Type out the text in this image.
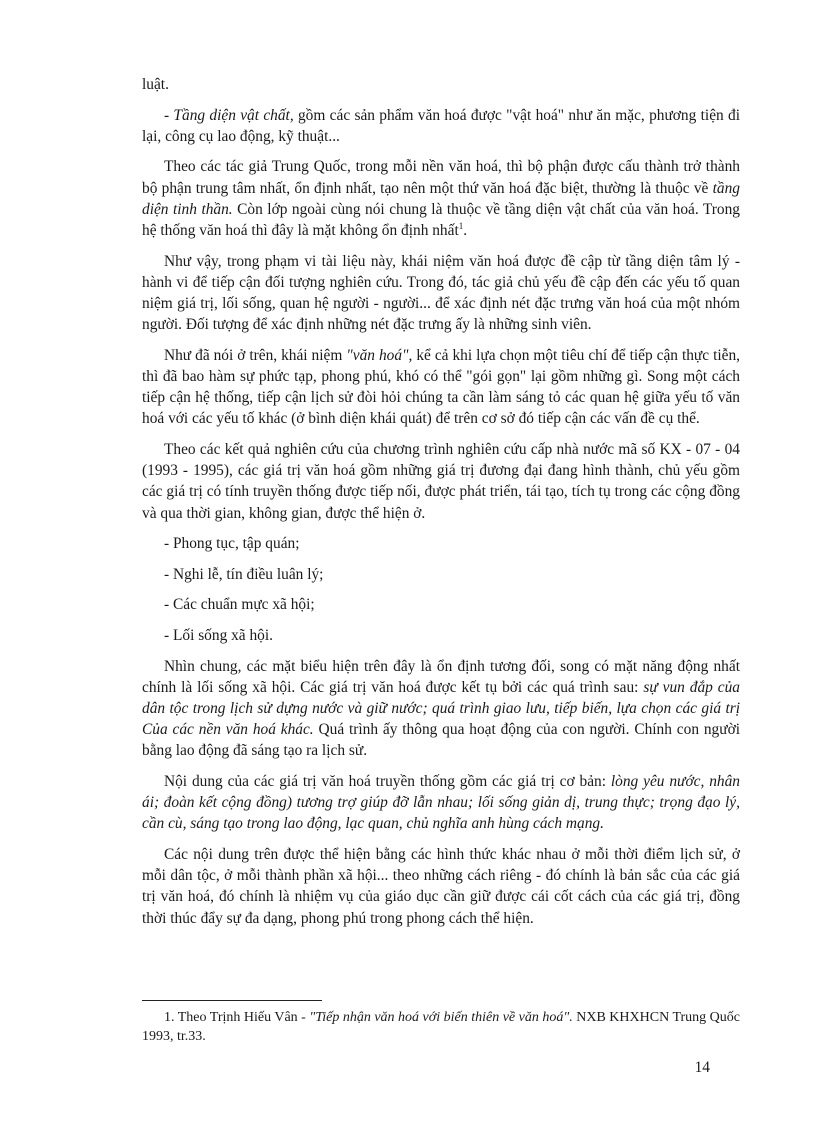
luật.

- Tầng diện vật chất, gồm các sản phẩm văn hoá được "vật hoá" như ăn mặc, phương tiện đi lại, công cụ lao động, kỹ thuật...

Theo các tác giả Trung Quốc, trong mỗi nền văn hoá, thì bộ phận được cấu thành trở thành bộ phận trung tâm nhất, ổn định nhất, tạo nên một thứ văn hoá đặc biệt, thường là thuộc về tầng diện tinh thần. Còn lớp ngoài cùng nói chung là thuộc về tầng diện vật chất của văn hoá. Trong hệ thống văn hoá thì đây là mặt không ổn định nhất$^1$.

Như vậy, trong phạm vi tài liệu này, khái niệm văn hoá được đề cập từ tầng diện tâm lý - hành vi để tiếp cận đối tượng nghiên cứu. Trong đó, tác giả chủ yếu đề cập đến các yếu tố quan niệm giá trị, lối sống, quan hệ người - người... để xác định nét đặc trưng văn hoá của một nhóm người. Đối tượng để xác định những nét đặc trưng ấy là những sinh viên.

Như đã nói ở trên, khái niệm "văn hoá", kể cả khi lựa chọn một tiêu chí để tiếp cận thực tiễn, thì đã bao hàm sự phức tạp, phong phú, khó có thể "gói gọn" lại gồm những gì. Song một cách tiếp cận hệ thống, tiếp cận lịch sử đòi hỏi chúng ta cần làm sáng tỏ các quan hệ giữa yếu tố văn hoá với các yếu tố khác (ở bình diện khái quát) để trên cơ sở đó tiếp cận các vấn đề cụ thể.

Theo các kết quả nghiên cứu của chương trình nghiên cứu cấp nhà nước mã số KX - 07 - 04 (1993 - 1995), các giá trị văn hoá gồm những giá trị đương đại đang hình thành, chủ yếu gồm các giá trị có tính truyền thống được tiếp nối, được phát triển, tái tạo, tích tụ trong các cộng đồng và qua thời gian, không gian, được thể hiện ở.

- Phong tục, tập quán;

- Nghi lễ, tín điều luân lý;

- Các chuẩn mực xã hội;

- Lối sống xã hội.

Nhìn chung, các mặt biểu hiện trên đây là ổn định tương đối, song có mặt năng động nhất chính là lối sống xã hội. Các giá trị văn hoá được kết tụ bởi các quá trình sau: sự vun đắp của dân tộc trong lịch sử dựng nước và giữ nước; quá trình giao lưu, tiếp biến, lựa chọn các giá trị Của các nền văn hoá khác. Quá trình ấy thông qua hoạt động của con người. Chính con người bằng lao động đã sáng tạo ra lịch sử.

Nội dung của các giá trị văn hoá truyền thống gồm các giá trị cơ bản: lòng yêu nước, nhân ái; đoàn kết cộng đồng) tương trợ giúp đỡ lẫn nhau; lối sống giản dị, trung thực; trọng đạo lý, cần cù, sáng tạo trong lao động, lạc quan, chủ nghĩa anh hùng cách mạng.

Các nội dung trên được thể hiện bằng các hình thức khác nhau ở mỗi thời điểm lịch sử, ở mỗi dân tộc, ở mỗi thành phần xã hội... theo những cách riêng - đó chính là bản sắc của các giá trị văn hoá, đó chính là nhiệm vụ của giáo dục cần giữ được cái cốt cách của các giá trị, đồng thời thúc đẩy sự đa dạng, phong phú trong phong cách thể hiện.

1. Theo Trịnh Hiếu Vân - "Tiếp nhận văn hoá với biến thiên về văn hoá". NXB KHXHCN Trung Quốc 1993, tr.33.

14
